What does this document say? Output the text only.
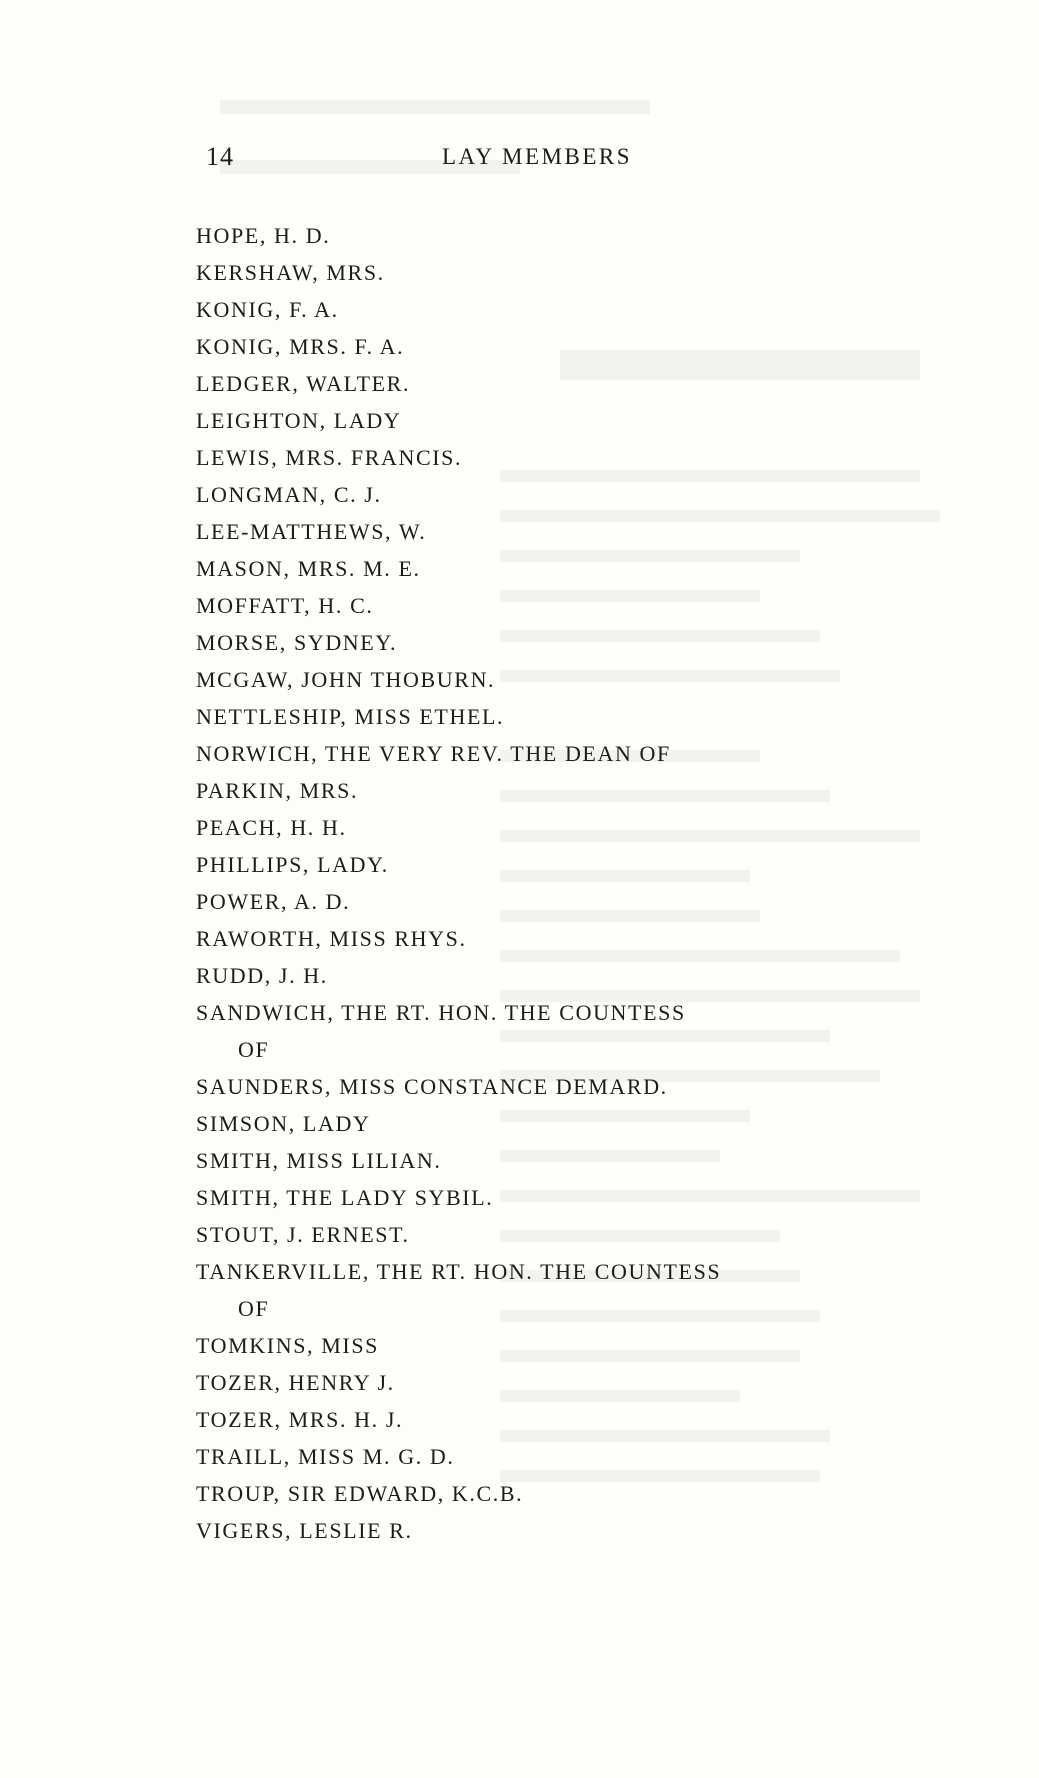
14	LAY MEMBERS
HOPE, H. D.
KERSHAW, MRS.
KONIG, F. A.
KONIG, MRS. F. A.
LEDGER, WALTER.
LEIGHTON, LADY
LEWIS, MRS. FRANCIS.
LONGMAN, C. J.
LEE-MATTHEWS, W.
MASON, MRS. M. E.
MOFFATT, H. C.
MORSE, SYDNEY.
MCGAW, JOHN THOBURN.
NETTLESHIP, MISS ETHEL.
NORWICH, THE VERY REV. THE DEAN OF
PARKIN, MRS.
PEACH, H. H.
PHILLIPS, LADY.
POWER, A. D.
RAWORTH, MISS RHYS.
RUDD, J. H.
SANDWICH, THE RT. HON. THE COUNTESS
OF
SAUNDERS, MISS CONSTANCE DEMARD.
SIMSON, LADY
SMITH, MISS LILIAN.
SMITH, THE LADY SYBIL.
STOUT, J. ERNEST.
TANKERVILLE, THE RT. HON. THE COUNTESS
OF
TOMKINS, MISS
TOZER, HENRY J.
TOZER, MRS. H. J.
TRAILL, MISS M. G. D.
TROUP, SIR EDWARD, K.C.B.
VIGERS, LESLIE R.
